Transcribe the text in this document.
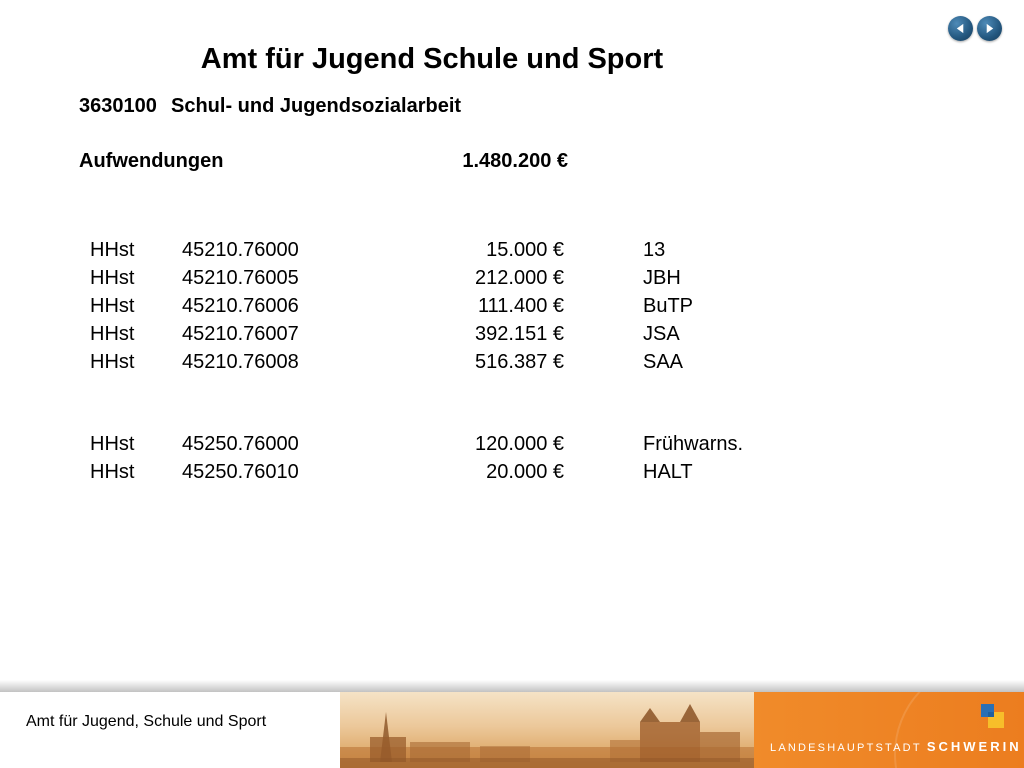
Amt für Jugend Schule und Sport
3630100 Schul- und Jugendsozialarbeit
Aufwendungen	1.480.200 €
HHst 45210.76000	15.000 €	13
HHst 45210.76005	212.000 €	JBH
HHst 45210.76006	111.400 €	BuTP
HHst 45210.76007	392.151 €	JSA
HHst 45210.76008	516.387 €	SAA
HHst 45250.76000	120.000 €	Frühwarns.
HHst 45250.76010	20.000 €	HALT
Amt für Jugend, Schule und Sport
LANDESHAUPTSTADT SCHWERIN
